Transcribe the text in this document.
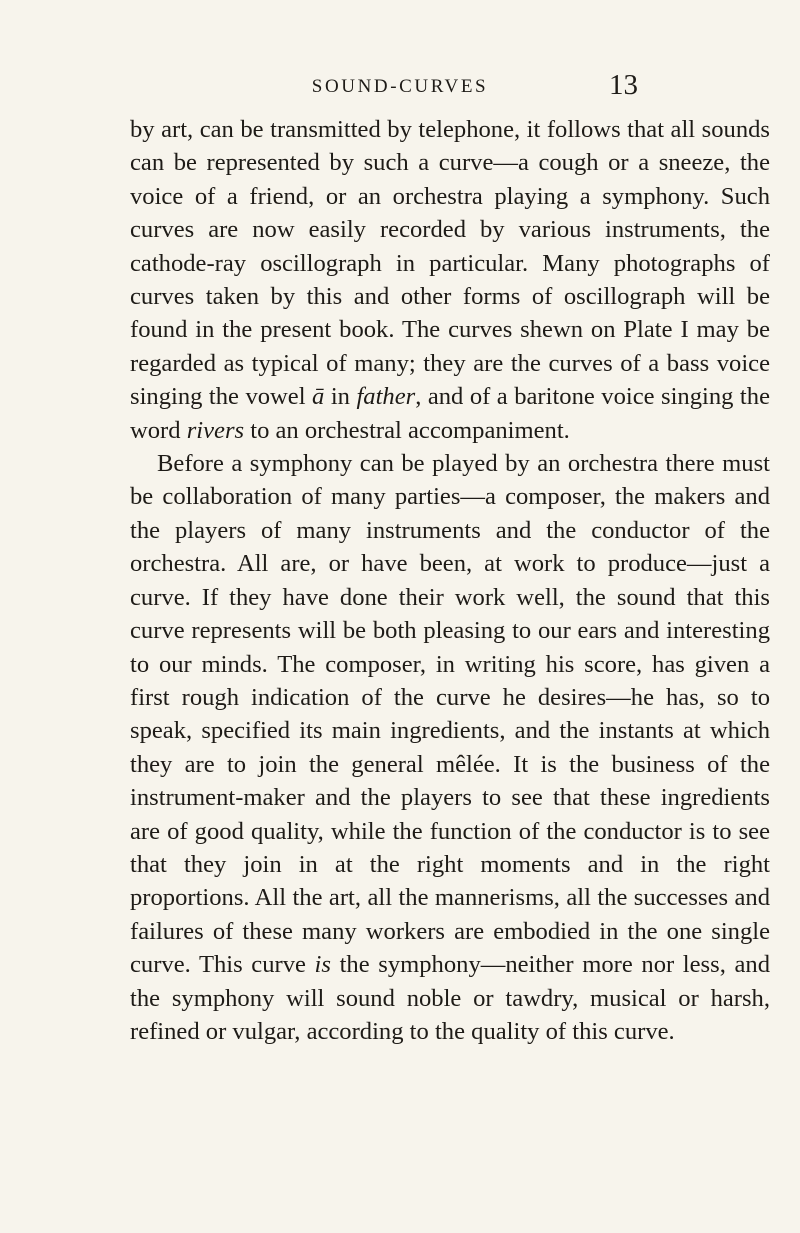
SOUND-CURVES	13

by art, can be transmitted by telephone, it follows that all sounds can be represented by such a curve—a cough or a sneeze, the voice of a friend, or an orchestra playing a symphony. Such curves are now easily recorded by various instruments, the cathode-ray oscillograph in particular. Many photographs of curves taken by this and other forms of oscillograph will be found in the present book. The curves shewn on Plate I may be regarded as typical of many; they are the curves of a bass voice singing the vowel ā in father, and of a baritone voice singing the word rivers to an orchestral accompaniment.

Before a symphony can be played by an orchestra there must be collaboration of many parties—a composer, the makers and the players of many instruments and the conductor of the orchestra. All are, or have been, at work to produce—just a curve. If they have done their work well, the sound that this curve represents will be both pleasing to our ears and interesting to our minds. The composer, in writing his score, has given a first rough indication of the curve he desires—he has, so to speak, specified its main ingredients, and the instants at which they are to join the general mêlée. It is the business of the instrument-maker and the players to see that these ingredients are of good quality, while the function of the conductor is to see that they join in at the right moments and in the right proportions. All the art, all the mannerisms, all the successes and failures of these many workers are embodied in the one single curve. This curve is the symphony—neither more nor less, and the symphony will sound noble or tawdry, musical or harsh, refined or vulgar, according to the quality of this curve.
